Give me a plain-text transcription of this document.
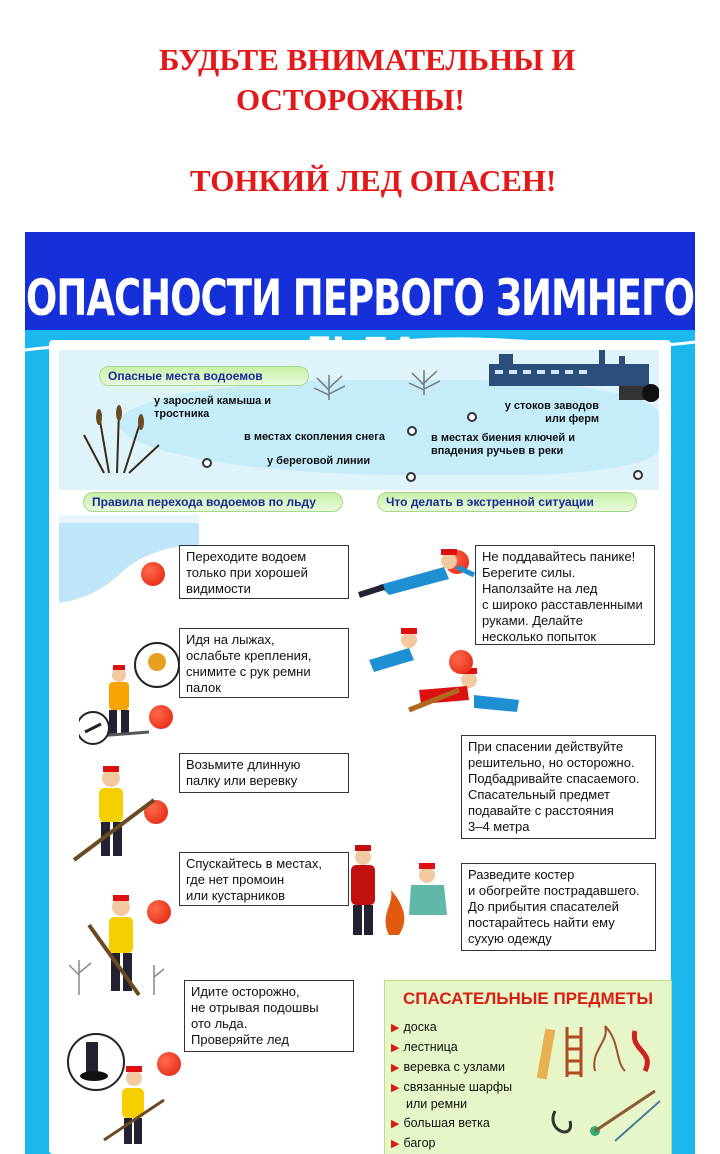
БУДЬТЕ ВНИМАТЕЛЬНЫ И
ОСТОРОЖНЫ!
ТОНКИЙ ЛЕД ОПАСЕН!
ОПАСНОСТИ ПЕРВОГО ЗИМНЕГО
Опасные места водоемов
у зарослей камыша и тростника
в местах скопления снега
у береговой линии
у стоков заводов или ферм
в местах биения ключей и впадения ручьев в реки
Правила перехода водоемов по льду	Что делать в экстренной ситуации
Переходите водоем
только при хорошей
видимости
Идя на лыжах,
ослабьте крепления,
снимите с рук ремни
палок
Возьмите длинную
палку или веревку
Спускайтесь в местах,
где нет промоин
или кустарников
Идите осторожно,
не отрывая подошвы
ото льда.
Проверяйте лед
Не поддавайтесь панике!
Берегите силы.
Наползайте на лед
с широко расставленными
руками. Делайте
несколько попыток
При спасении действуйте
решительно, но осторожно.
Подбадривайте спасаемого.
Спасательный предмет
подавайте с расстояния
3–4 метра
Разведите костер
и обогрейте пострадавшего.
До прибытия спасателей
постарайтесь найти ему
сухую одежду
СПАСАТЕЛЬНЫЕ ПРЕДМЕТЫ
▶ доска
▶ лестница
▶ веревка с узлами
▶ связанные шарфы
или ремни
▶ большая ветка
▶ багор
